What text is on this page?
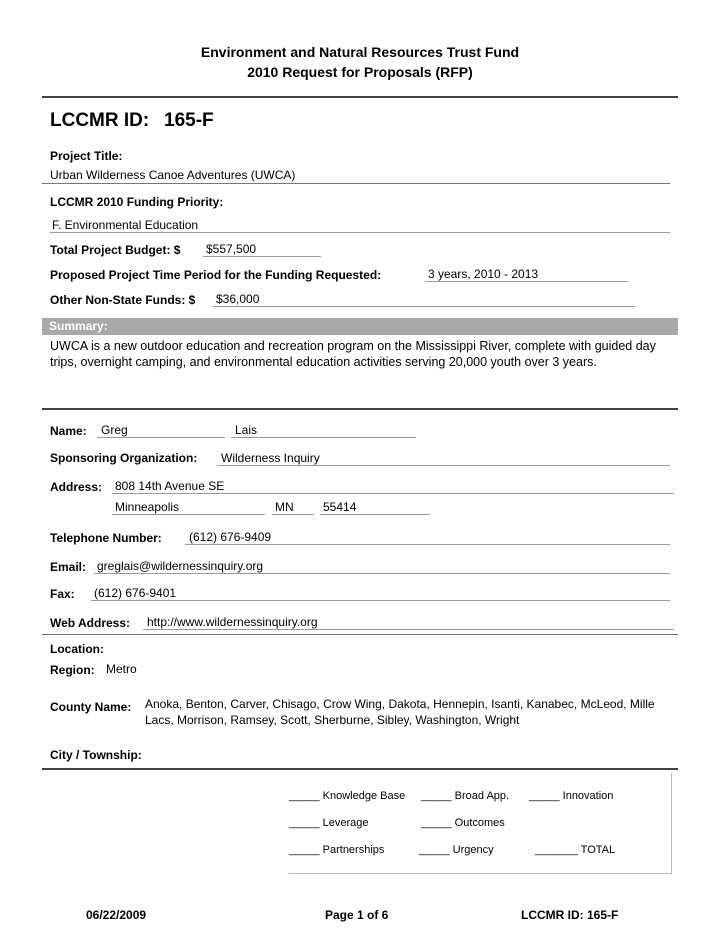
Environment and Natural Resources Trust Fund
2010 Request for Proposals (RFP)
LCCMR ID: 165-F
Project Title:
Urban Wilderness Canoe Adventures (UWCA)
LCCMR 2010 Funding Priority:
F. Environmental Education
Total Project Budget: $ $557,500
Proposed Project Time Period for the Funding Requested:	3 years, 2010 - 2013
Other Non-State Funds: $ $36,000
Summary:
UWCA is a new outdoor education and recreation program on the Mississippi River, complete with guided day trips, overnight camping, and environmental education activities serving 20,000 youth over 3 years.
Name: Greg	Lais
Sponsoring Organization: Wilderness Inquiry
Address: 808 14th Avenue SE
Minneapolis	MN 55414
Telephone Number: (612) 676-9409
Email: greglais@wildernessinquiry.org
Fax: (612) 676-9401
Web Address: http://www.wildernessinquiry.org
Location:
Region: Metro
County Name: Anoka, Benton, Carver, Chisago, Crow Wing, Dakota, Hennepin, Isanti, Kanabec, McLeod, Mille Lacs, Morrison, Ramsey, Scott, Sherburne, Sibley, Washington, Wright
City / Township:
_____ Knowledge Base _____ Broad App. _____ Innovation
_____ Leverage	_____ Outcomes
_____ Partnerships	_____ Urgency	_______ TOTAL
06/22/2009	Page 1 of 6	LCCMR ID: 165-F
